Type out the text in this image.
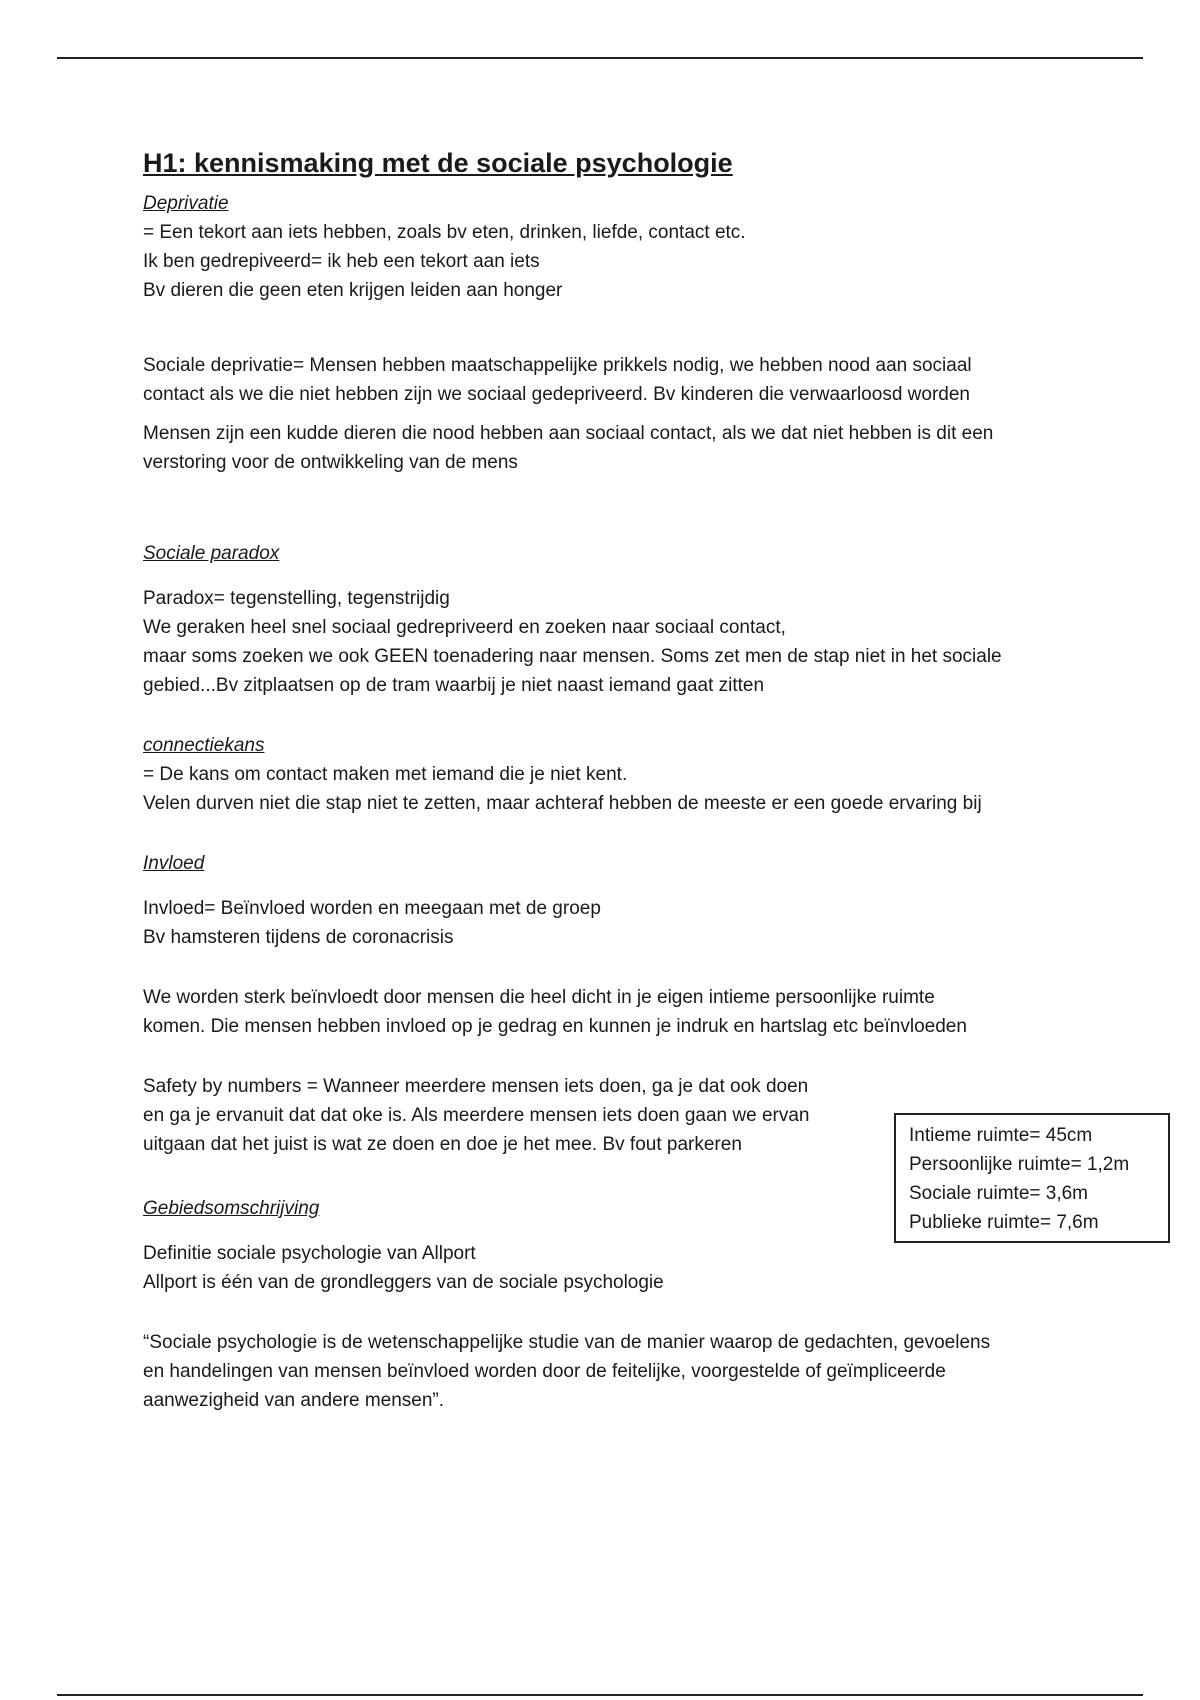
H1: kennismaking met de sociale psychologie

Deprivatie

= Een tekort aan iets hebben, zoals bv eten, drinken, liefde, contact etc.

Ik ben gedrepiveerd= ik heb een tekort aan iets

Bv dieren die geen eten krijgen leiden aan honger

Sociale deprivatie= Mensen hebben maatschappelijke prikkels nodig, we hebben nood aan sociaal

contact als we die niet hebben zijn we sociaal gedepriveerd. Bv kinderen die verwaarloosd worden

Mensen zijn een kudde dieren die nood hebben aan sociaal contact, als we dat niet hebben is dit een

verstoring voor de ontwikkeling van de mens

Sociale paradox

Paradox= tegenstelling, tegenstrijdig

We geraken heel snel sociaal gedrepriveerd en zoeken naar sociaal contact,

maar soms zoeken we ook GEEN toenadering naar mensen. Soms zet men de stap niet in het sociale

gebied...Bv zitplaatsen op de tram waarbij je niet naast iemand gaat zitten

connectiekans

= De kans om contact maken met iemand die je niet kent.

Velen durven niet die stap niet te zetten, maar achteraf hebben de meeste er een goede ervaring bij

Invloed

Invloed= Beïnvloed worden en meegaan met de groep

Bv hamsteren tijdens de coronacrisis

We worden sterk beïnvloedt door mensen die heel dicht in je eigen intieme persoonlijke ruimte

komen. Die mensen hebben invloed op je gedrag en kunnen je indruk en hartslag etc beïnvloeden

Safety by numbers = Wanneer meerdere mensen iets doen, ga je dat ook doen

en ga je ervanuit dat dat oke is. Als meerdere mensen iets doen gaan we ervan

uitgaan dat het juist is wat ze doen en doe je het mee. Bv fout parkeren

Gebiedsomschrijving

Definitie sociale psychologie van Allport

Allport is één van de grondleggers van de sociale psychologie

“Sociale psychologie is de wetenschappelijke studie van de manier waarop de gedachten, gevoelens

en handelingen van mensen beïnvloed worden door de feitelijke, voorgestelde of geïmpliceerde

aanwezigheid van andere mensen”.

Intieme ruimte= 45cm

Persoonlijke ruimte= 1,2m

Sociale ruimte= 3,6m

Publieke ruimte= 7,6m
